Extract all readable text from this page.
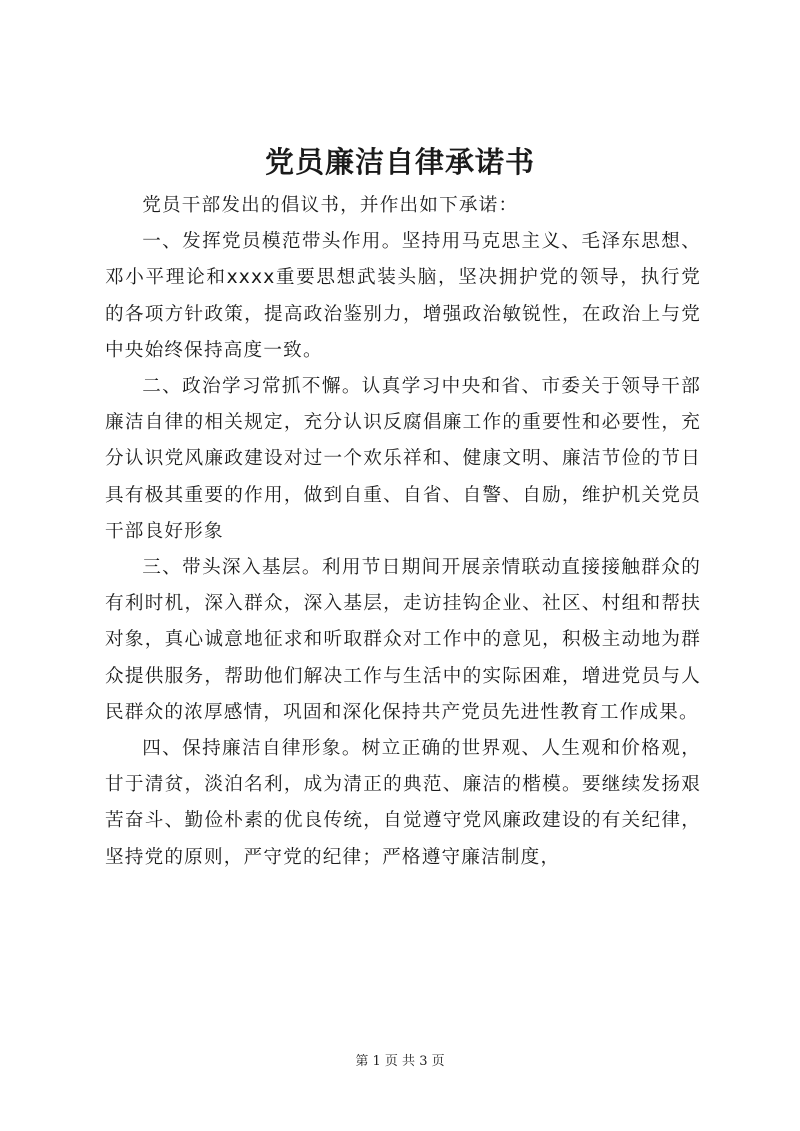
党员廉洁自律承诺书

党员干部发出的倡议书，并作出如下承诺：

一、发挥党员模范带头作用。坚持用马克思主义、毛泽东思想、邓小平理论和xxxx重要思想武装头脑，坚决拥护党的领导，执行党的各项方针政策，提高政治鉴别力，增强政治敏锐性，在政治上与党中央始终保持高度一致。

二、政治学习常抓不懈。认真学习中央和省、市委关于领导干部廉洁自律的相关规定，充分认识反腐倡廉工作的重要性和必要性，充分认识党风廉政建设对过一个欢乐祥和、健康文明、廉洁节俭的节日具有极其重要的作用，做到自重、自省、自警、自励，维护机关党员干部良好形象

三、带头深入基层。利用节日期间开展亲情联动直接接触群众的有利时机，深入群众，深入基层，走访挂钩企业、社区、村组和帮扶对象，真心诚意地征求和听取群众对工作中的意见，积极主动地为群众提供服务，帮助他们解决工作与生活中的实际困难，增进党员与人民群众的浓厚感情，巩固和深化保持共产党员先进性教育工作成果。

四、保持廉洁自律形象。树立正确的世界观、人生观和价格观，甘于清贫，淡泊名利，成为清正的典范、廉洁的楷模。要继续发扬艰苦奋斗、勤俭朴素的优良传统，自觉遵守党风廉政建设的有关纪律，坚持党的原则，严守党的纪律；严格遵守廉洁制度，

第 1 页 共 3 页
